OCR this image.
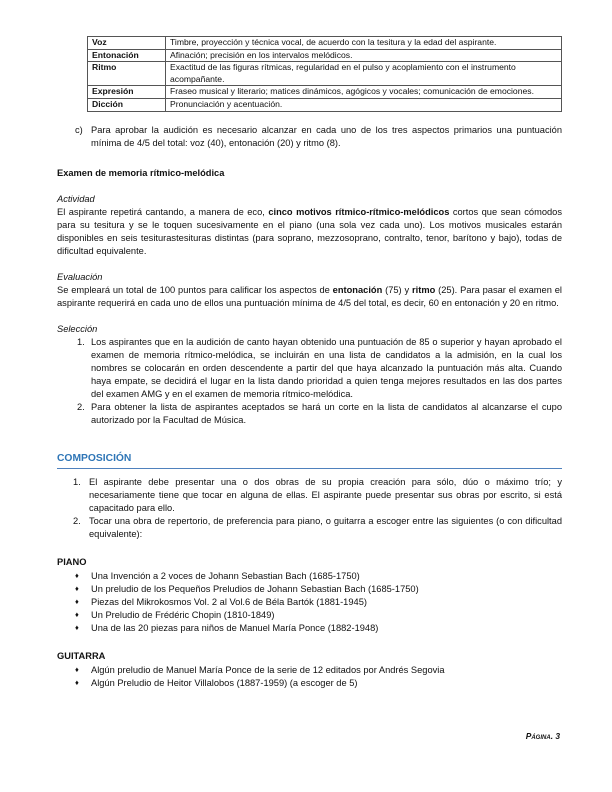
Voz	Timbre, proyección y técnica vocal, de acuerdo con la tesitura y la edad del aspirante.
Entonación	Afinación; precisión en los intervalos melódicos.
Ritmo	Exactitud de las figuras rítmicas, regularidad en el pulso y acoplamiento con el instrumento acompañante.
Expresión	Fraseo musical y literario; matices dinámicos, agógicos y vocales; comunicación de emociones.
Dicción	Pronunciación y acentuación.
c) Para aprobar la audición es necesario alcanzar en cada uno de los tres aspectos primarios una puntuación mínima de 4/5 del total: voz (40), entonación (20) y ritmo (8).
Examen de memoria rítmico-melódica

Actividad

El aspirante repetirá cantando, a manera de eco, cinco motivos rítmico-rítmico-melódicos cortos que sean cómodos para su tesitura y se le toquen sucesivamente en el piano (una sola vez cada uno). Los motivos musicales estarán disponibles en seis tesiturastesituras distintas (para soprano, mezzosoprano, contralto, tenor, barítono y bajo), todas de dificultad equivalente.

Evaluación

Se empleará un total de 100 puntos para calificar los aspectos de entonación (75) y ritmo (25). Para pasar el examen el aspirante requerirá en cada uno de ellos una puntuación mínima de 4/5 del total, es decir, 60 en entonación y 20 en ritmo.

Selección

1. Los aspirantes que en la audición de canto hayan obtenido una puntuación de 85 o superior y hayan aprobado el examen de memoria rítmico-melódica, se incluirán en una lista de candidatos a la admisión, en la cual los nombres se colocarán en orden descendente a partir del que haya alcanzado la puntuación más alta. Cuando haya empate, se decidirá el lugar en la lista dando prioridad a quien tenga mejores resultados en las dos partes del examen AMG y en el examen de memoria rítmico-melódica.
2. Para obtener la lista de aspirantes aceptados se hará un corte en la lista de candidatos al alcanzarse el cupo autorizado por la Facultad de Música.
COMPOSICIÓN
1. El aspirante debe presentar una o dos obras de su propia creación para sólo, dúo o máximo trío; y necesariamente tiene que tocar en alguna de ellas. El aspirante puede presentar sus obras por escrito, si está capacitado para ello.
2. Tocar una obra de repertorio, de preferencia para piano, o guitarra a escoger entre las siguientes (o con dificultad equivalente):
PIANO
♦	Una Invención a 2 voces de Johann Sebastian Bach (1685-1750)
♦	Un preludio de los Pequeños Preludios de Johann Sebastian Bach (1685-1750)
♦	Piezas del Mikrokosmos Vol. 2 al Vol.6 de Béla Bartók (1881-1945)
♦	Un Preludio de Frédéric Chopin (1810-1849)
♦	Una de las 20 piezas para niños de Manuel María Ponce (1882-1948)
GUITARRA
♦	Algún preludio de Manuel María Ponce de la serie de 12 editados por Andrés Segovia
♦	Algún Preludio de Heitor Villalobos (1887-1959) (a escoger de 5)
Página. 3
